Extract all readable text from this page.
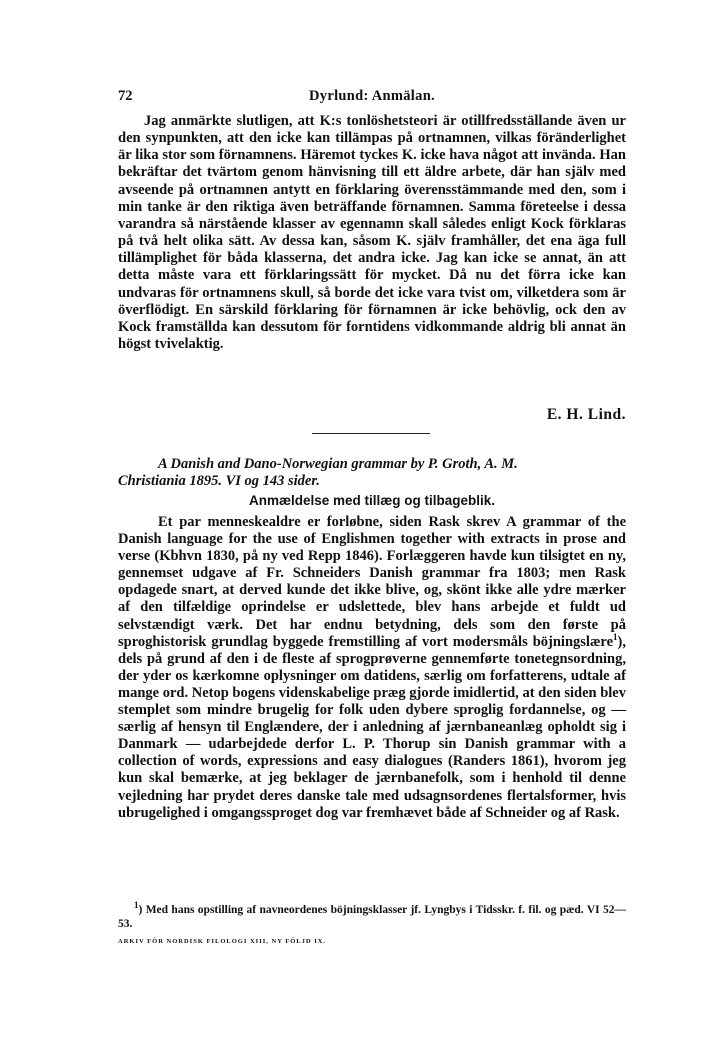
72	Dyrlund: Anmälan.

Jag anmärkte slutligen, att K:s tonlöshetsteori är otillfredsställande även ur den synpunkten, att den icke kan tillämpas på ortnamnen, vilkas föränderlighet är lika stor som förnamnens. Häremot tyckes K. icke hava något att invända. Han bekräftar det tvärtom genom hänvisning till ett äldre arbete, där han själv med avseende på ortnamnen antytt en förklaring överensstämmande med den, som i min tanke är den riktiga även beträffande förnamnen. Samma företeelse i dessa varandra så närstående klasser av egennamn skall således enligt Kock förklaras på två helt olika sätt. Av dessa kan, såsom K. själv framhåller, det ena äga full tillämplighet för båda klasserna, det andra icke. Jag kan icke se annat, än att detta måste vara ett förklaringssätt för mycket. Då nu det förra icke kan undvaras för ortnamnens skull, så borde det icke vara tvist om, vilketdera som är överflödigt. En särskild förklaring för förnamnen är icke behövlig, ock den av Kock framställda kan dessutom för forntidens vidkommande aldrig bli annat än högst tvivelaktig.

E. H. Lind.
A Danish and Dano-Norwegian grammar by P. Groth, A. M.
Christiania 1895. VI og 143 sider.
Anmældelse med tillæg og tilbageblik.

Et par menneskealdre er forløbne, siden Rask skrev A grammar of the Danish language for the use of Englishmen together with extracts in prose and verse (Kbhvn 1830, på ny ved Repp 1846). Forlæggeren havde kun tilsigtet en ny, gennemset udgave af Fr. Schneiders Danish grammar fra 1803; men Rask opdagede snart, at derved kunde det ikke blive, og, skönt ikke alle ydre mærker af den tilfældige oprindelse er udslettede, blev hans arbejde et fuldt ud selvstændigt værk. Det har endnu betydning, dels som den første på sproghistorisk grundlag byggede fremstilling af vort modersmåls böjningslære$^1$), dels på grund af den i de fleste af sprogprøverne gennemførte tonetegnsordning, der yder os kærkomne oplysninger om datidens, særlig om forfatterens, udtale af mange ord. Netop bogens videnskabelige præg gjorde imidlertid, at den siden blev stemplet som mindre brugelig for folk uden dybere sproglig fordannelse, og — særlig af hensyn til Englændere, der i anledning af jærnbaneanlæg opholdt sig i Danmark — udarbejdede derfor L. P. Thorup sin Danish grammar with a collection of words, expressions and easy dialogues (Randers 1861), hvorom jeg kun skal bemærke, at jeg beklager de jærnbanefolk, som i henhold til denne vejledning har prydet deres danske tale med udsagnsordenes flertalsformer, hvis ubrugelighed i omgangssproget dog var fremhævet både af Schneider og af Rask.

$^1$) Med hans opstilling af navneordenes böjningsklasser jf. Lyngbys i Tidsskr. f. fil. og pæd. VI 52—53.

ARKIV FÖR NORDISK FILOLOGI XIII, NY FÖLJD IX.
